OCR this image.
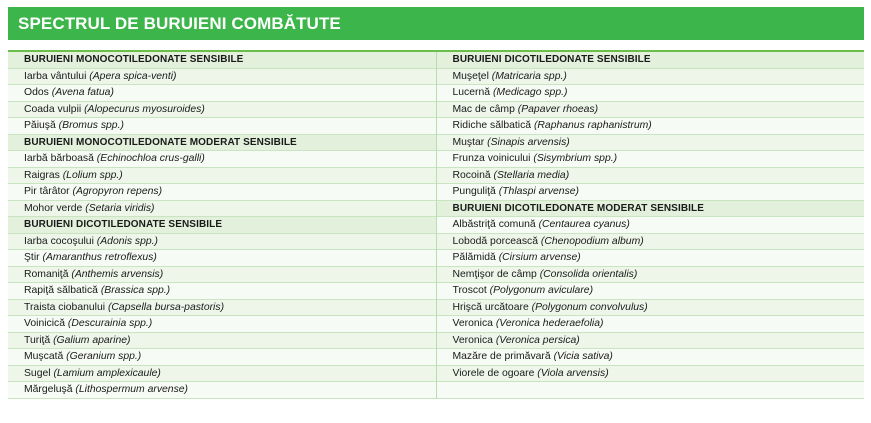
SPECTRUL DE BURUIENI COMBĂTUTE
BURUIENI MONOCOTILEDONATE SENSIBILE
Iarba vântului (Apera spica-venti)
Odos (Avena fatua)
Coada vulpii (Alopecurus myosuroides)
Păiuşă (Bromus spp.)
BURUIENI MONOCOTILEDONATE MODERAT SENSIBILE
Iarbă bărboasă (Echinochloa crus-galli)
Raigras (Lolium spp.)
Pir târâtor (Agropyron repens)
Mohor verde (Setaria viridis)
BURUIENI DICOTILEDONATE SENSIBILE
Iarba cocoşului (Adonis spp.)
Ştir (Amaranthus retroflexus)
Romaniţă (Anthemis arvensis)
Rapiţă sălbatică (Brassica spp.)
Traista ciobanului (Capsella bursa-pastoris)
Voinicică (Descurainia spp.)
Turiţă (Galium aparine)
Muşcată (Geranium spp.)
Sugel (Lamium amplexicaule)
Mărgeluşă (Lithospermum arvense)
BURUIENI DICOTILEDONATE SENSIBILE
Muşeţel (Matricaria spp.)
Lucernă (Medicago spp.)
Mac de câmp (Papaver rhoeas)
Ridiche sălbatică (Raphanus raphanistrum)
Muştar (Sinapis arvensis)
Frunza voinicului (Sisymbrium spp.)
Rocoină (Stellaria media)
Punguliţă (Thlaspi arvense)
BURUIENI DICOTILEDONATE MODERAT SENSIBILE
Albăstriţă comună (Centaurea cyanus)
Lobodă porcească (Chenopodium album)
Pălămidă (Cirsium arvense)
Nemţişor de câmp (Consolida orientalis)
Troscot (Polygonum aviculare)
Hrişcă urcătoare (Polygonum convolvulus)
Veronica (Veronica hederaefolia)
Veronica (Veronica persica)
Mazăre de primăvară (Vicia sativa)
Viorele de ogoare (Viola arvensis)
